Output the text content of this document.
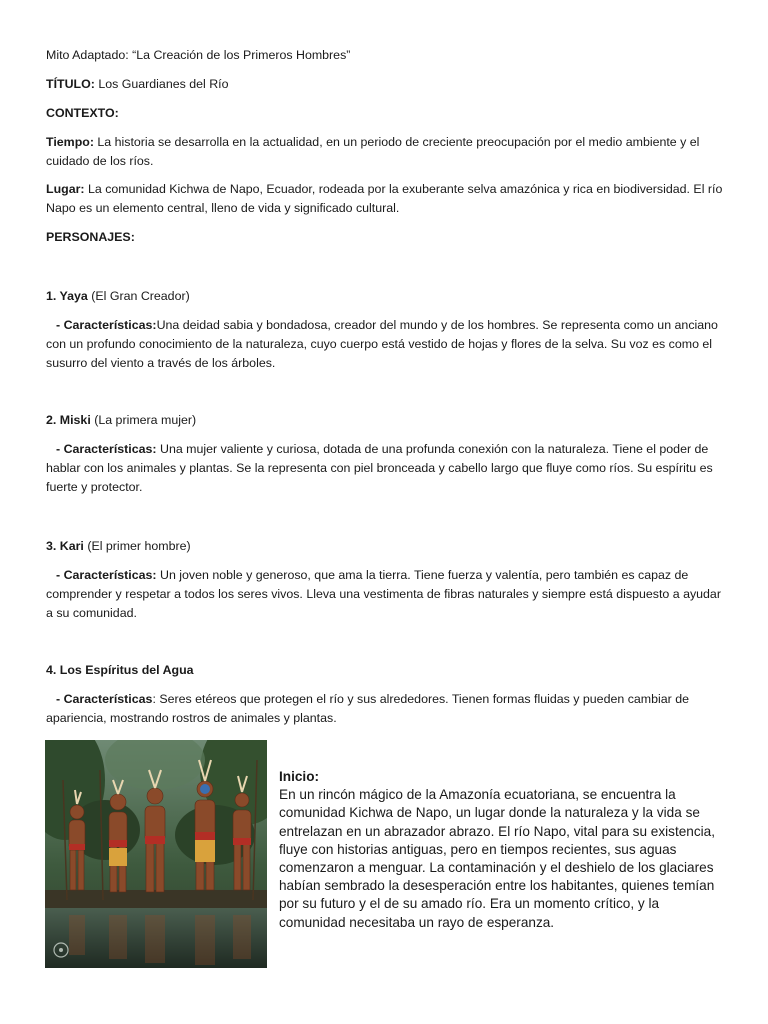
Mito Adaptado: “La Creación de los Primeros Hombres”
TÍTULO: Los Guardianes del Río
CONTEXTO:
Tiempo: La historia se desarrolla en la actualidad, en un periodo de creciente preocupación por el medio ambiente y el cuidado de los ríos.
Lugar: La comunidad Kichwa de Napo, Ecuador, rodeada por la exuberante selva amazónica y rica en biodiversidad. El río Napo es un elemento central, lleno de vida y significado cultural.
PERSONAJES:
1. Yaya (El Gran Creador)
- Características:Una deidad sabia y bondadosa, creador del mundo y de los hombres. Se representa como un anciano con un profundo conocimiento de la naturaleza, cuyo cuerpo está vestido de hojas y flores de la selva. Su voz es como el susurro del viento a través de los árboles.
2. Miski (La primera mujer)
- Características: Una mujer valiente y curiosa, dotada de una profunda conexión con la naturaleza. Tiene el poder de hablar con los animales y plantas. Se la representa con piel bronceada y cabello largo que fluye como ríos. Su espíritu es fuerte y protector.
3. Kari (El primer hombre)
- Características: Un joven noble y generoso, que ama la tierra. Tiene fuerza y valentía, pero también es capaz de comprender y respetar a todos los seres vivos. Lleva una vestimenta de fibras naturales y siempre está dispuesto a ayudar a su comunidad.
4. Los Espíritus del Agua
- Características: Seres etéreos que protegen el río y sus alrededores. Tienen formas fluidas y pueden cambiar de apariencia, mostrando rostros de animales y plantas.
Inicio:
En un rincón mágico de la Amazonía ecuatoriana, se encuentra la comunidad Kichwa de Napo, un lugar donde la naturaleza y la vida se entrelazan en un abrazador abrazo. El río Napo, vital para su existencia, fluye con historias antiguas, pero en tiempos recientes, sus aguas comenzaron a menguar. La contaminación y el deshielo de los glaciares habían sembrado la desesperación entre los habitantes, quienes temían por su futuro y el de su amado río. Era un momento crítico, y la comunidad necesitaba un rayo de esperanza.
